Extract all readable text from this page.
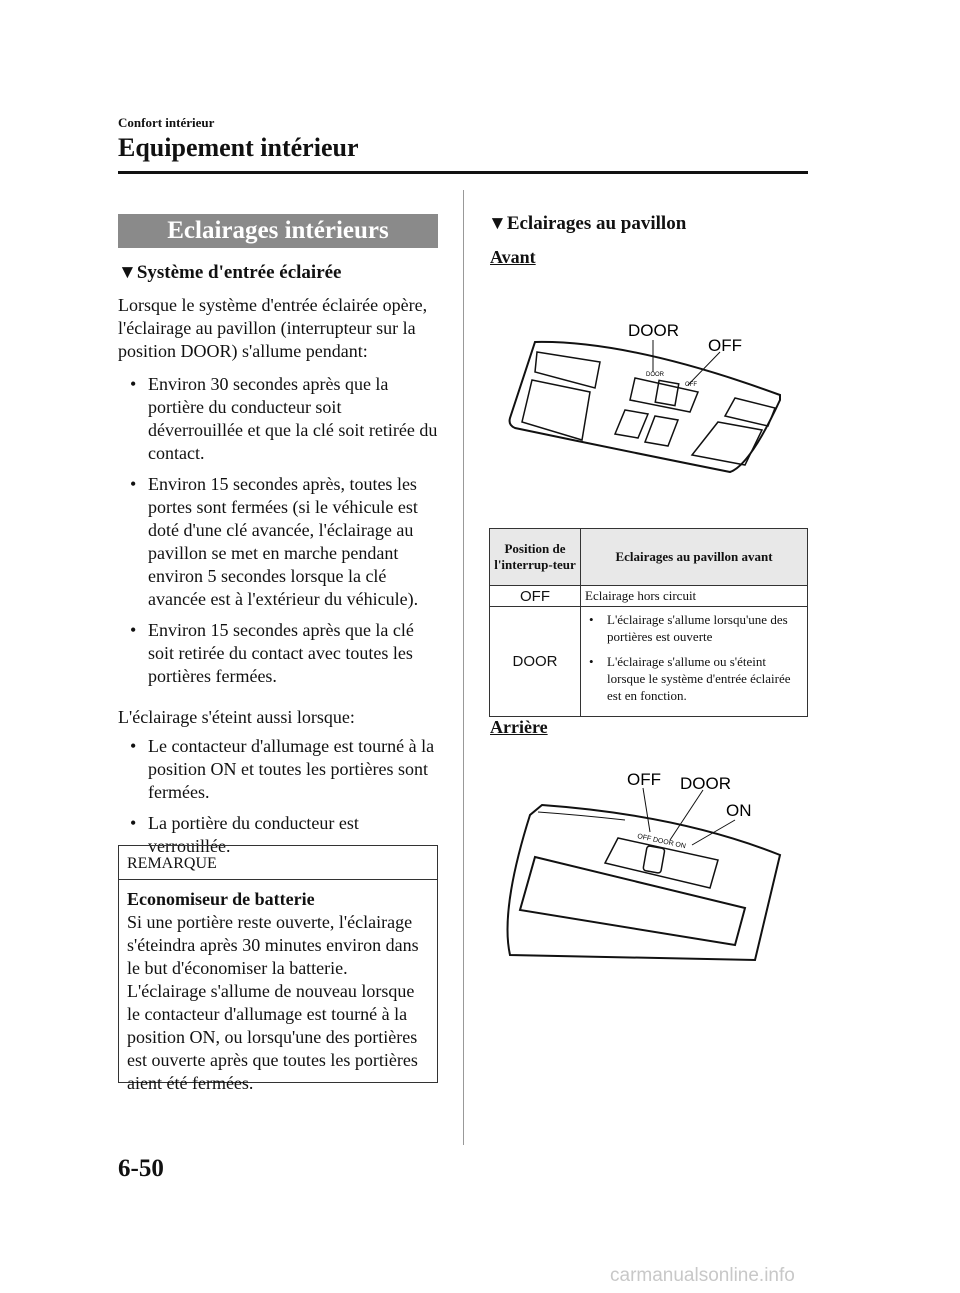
Confort intérieur
Equipement intérieur
Eclairages intérieurs
▼Système d'entrée éclairée
Lorsque le système d'entrée éclairée opère, l'éclairage au pavillon (interrupteur sur la position DOOR) s'allume pendant:
• Environ 30 secondes après que la portière du conducteur soit déverrouillée et que la clé soit retirée du contact.
• Environ 15 secondes après, toutes les portes sont fermées (si le véhicule est doté d'une clé avancée, l'éclairage au pavillon se met en marche pendant environ 5 secondes lorsque la clé avancée est à l'extérieur du véhicule).
• Environ 15 secondes après que la clé soit retirée du contact avec toutes les portières fermées.
L'éclairage s'éteint aussi lorsque:
• Le contacteur d'allumage est tourné à la position ON et toutes les portières sont fermées.
• La portière du conducteur est verrouillée.
REMARQUE
Economiseur de batterie
Si une portière reste ouverte, l'éclairage s'éteindra après 30 minutes environ dans le but d'économiser la batterie. L'éclairage s'allume de nouveau lorsque le contacteur d'allumage est tourné à la position ON, ou lorsqu'une des portières est ouverte après que toutes les portières aient été fermées.
▼Eclairages au pavillon
Avant
DOOR
OFF
DOOR
OFF
Position de l'interrup-teur	Eclairages au pavillon avant
OFF	Eclairage hors circuit
DOOR	• L'éclairage s'allume lorsqu'une des portières est ouverte
• L'éclairage s'allume ou s'éteint lorsque le système d'entrée éclairée est en fonction.
Arrière
OFF DOOR
ON
OFF DOOR ON
6-50
carmanualsonline.info
